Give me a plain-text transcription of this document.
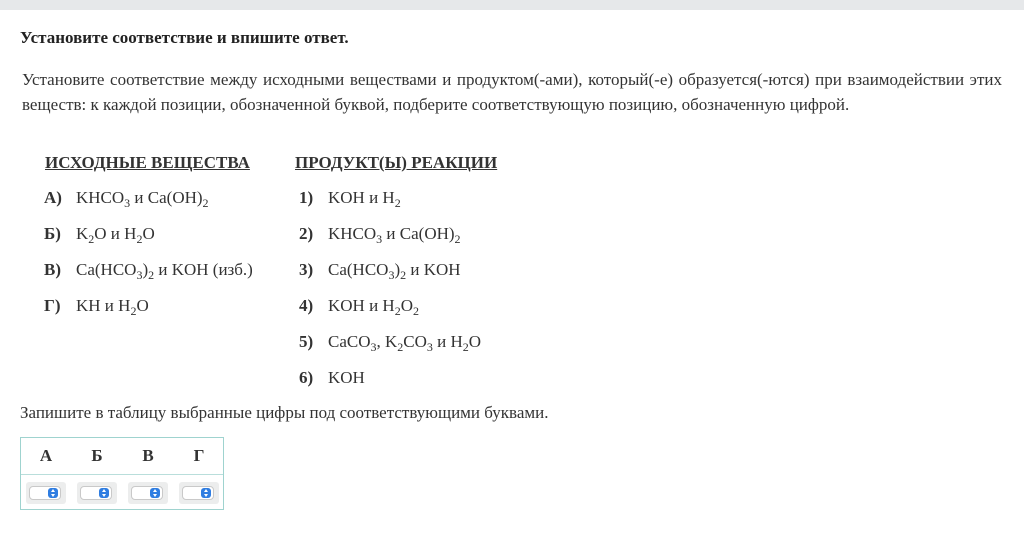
Установите соответствие и впишите ответ.
Установите соответствие между исходными веществами и продуктом(-ами), который(-е) образуется(-ются) при взаимодействии этих веществ: к каждой позиции, обозначенной буквой, подберите соответствующую позицию, обозначенную цифрой.
ИСХОДНЫЕ ВЕЩЕСТВА	ПРОДУКТ(Ы) РЕАКЦИИ
А) $KHCO_3$ и $Ca(OH)_2$
Б) $K_2O$ и $H_2O$
В) $Ca(HCO_3)_2$ и KOH (изб.)
Г) KH и $H_2O$
1) KOH и $H_2$
2) $KHCO_3$ и $Ca(OH)_2$
3) $Ca(HCO_3)_2$ и KOH
4) KOH и $H_2O_2$
5) CaCO$_3$, $K_2CO_3$ и $H_2O$
6) KOH
Запишите в таблицу выбранные цифры под соответствующими буквами.
А	Б	В	Г
